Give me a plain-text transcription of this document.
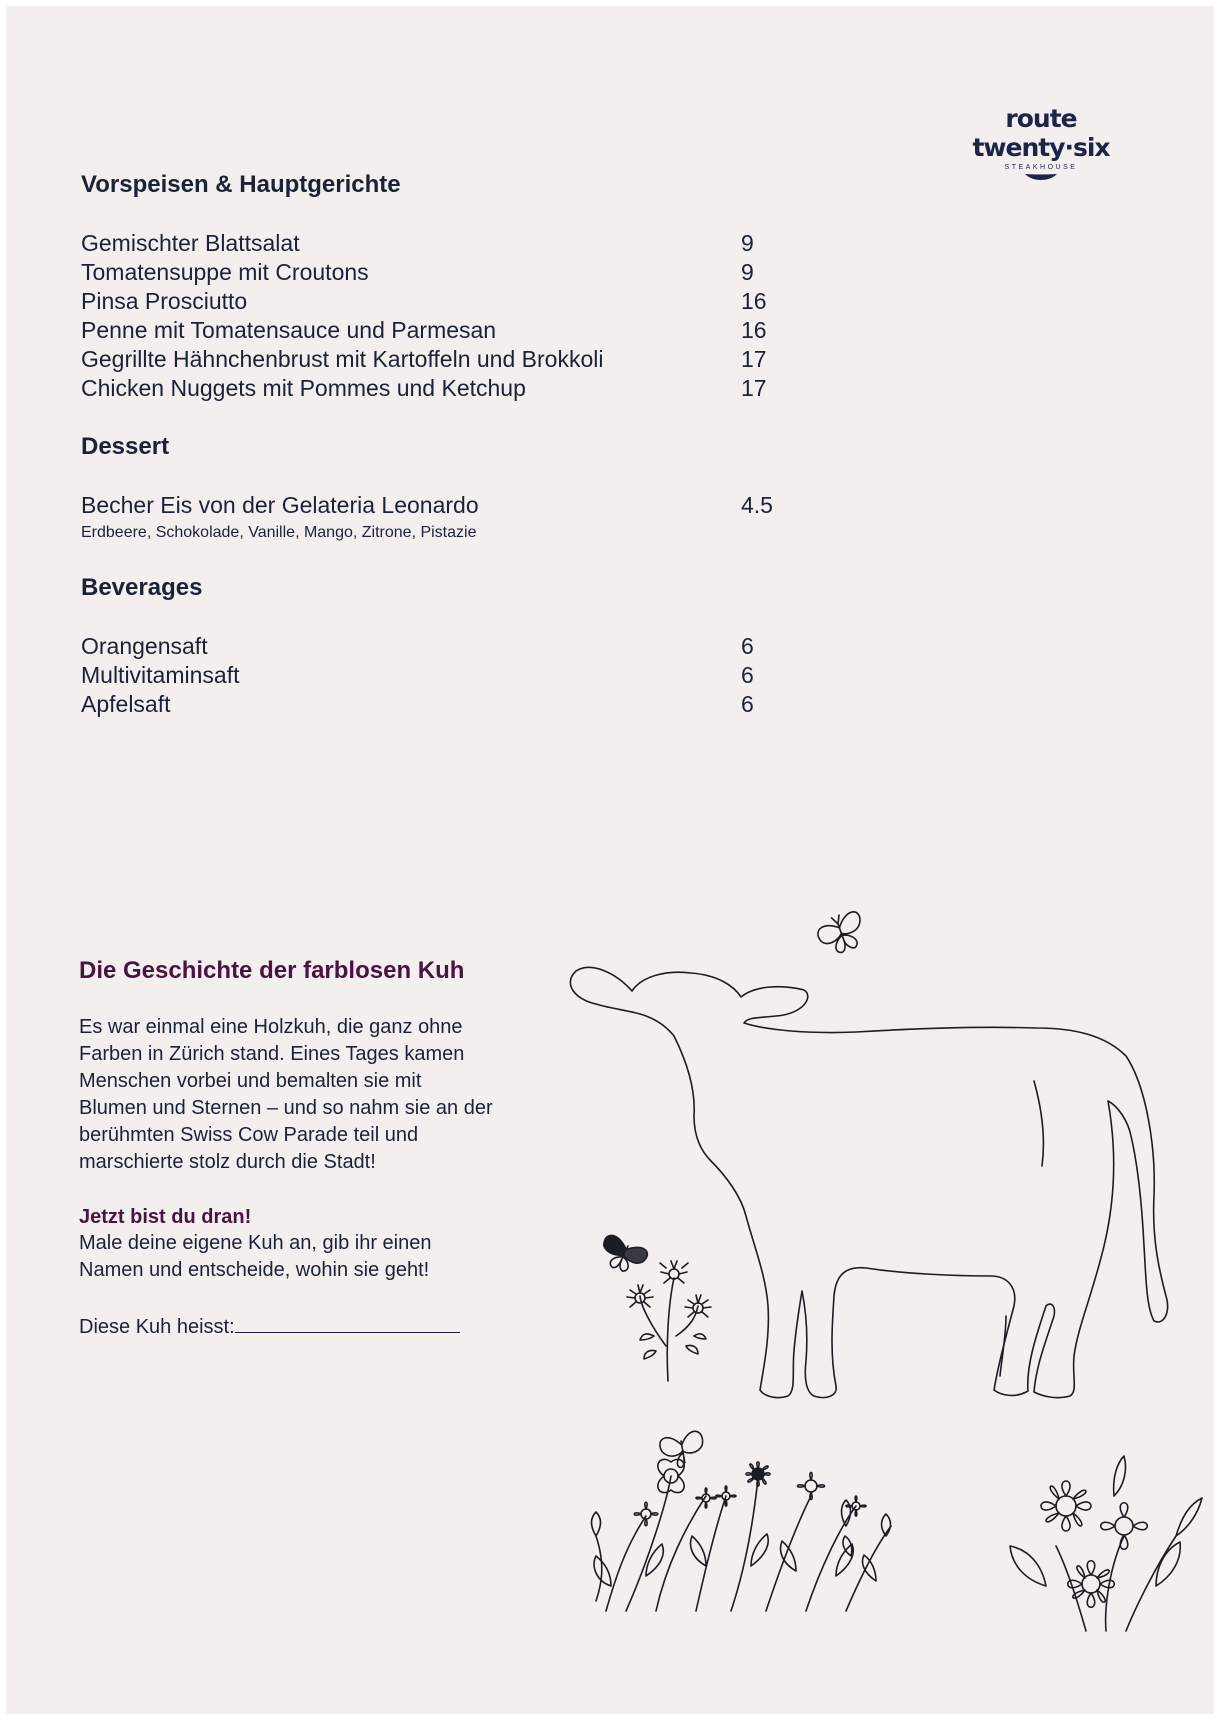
route twenty·six
STEAKHOUSE
Vorspeisen & Hauptgerichte
Gemischter Blattsalat	9
Tomatensuppe mit Croutons	9
Pinsa Prosciutto	16
Penne mit Tomatensauce und Parmesan	16
Gegrillte Hähnchenbrust mit Kartoffeln und Brokkoli	17
Chicken Nuggets mit Pommes und Ketchup	17
Dessert
Becher Eis von der Gelateria Leonardo	4.5
Erdbeere, Schokolade, Vanille, Mango, Zitrone, Pistazie
Beverages
Orangensaft	6
Multivitaminsaft	6
Apfelsaft	6
Die Geschichte der farblosen Kuh

Es war einmal eine Holzkuh, die ganz ohne

Farben in Zürich stand. Eines Tages kamen

Menschen vorbei und bemalten sie mit

Blumen und Sternen – und so nahm sie an der

berühmten Swiss Cow Parade teil und

marschierte stolz durch die Stadt!

Jetzt bist du dran!

Male deine eigene Kuh an, gib ihr einen

Namen und entscheide, wohin sie geht!

Diese Kuh heisst:
